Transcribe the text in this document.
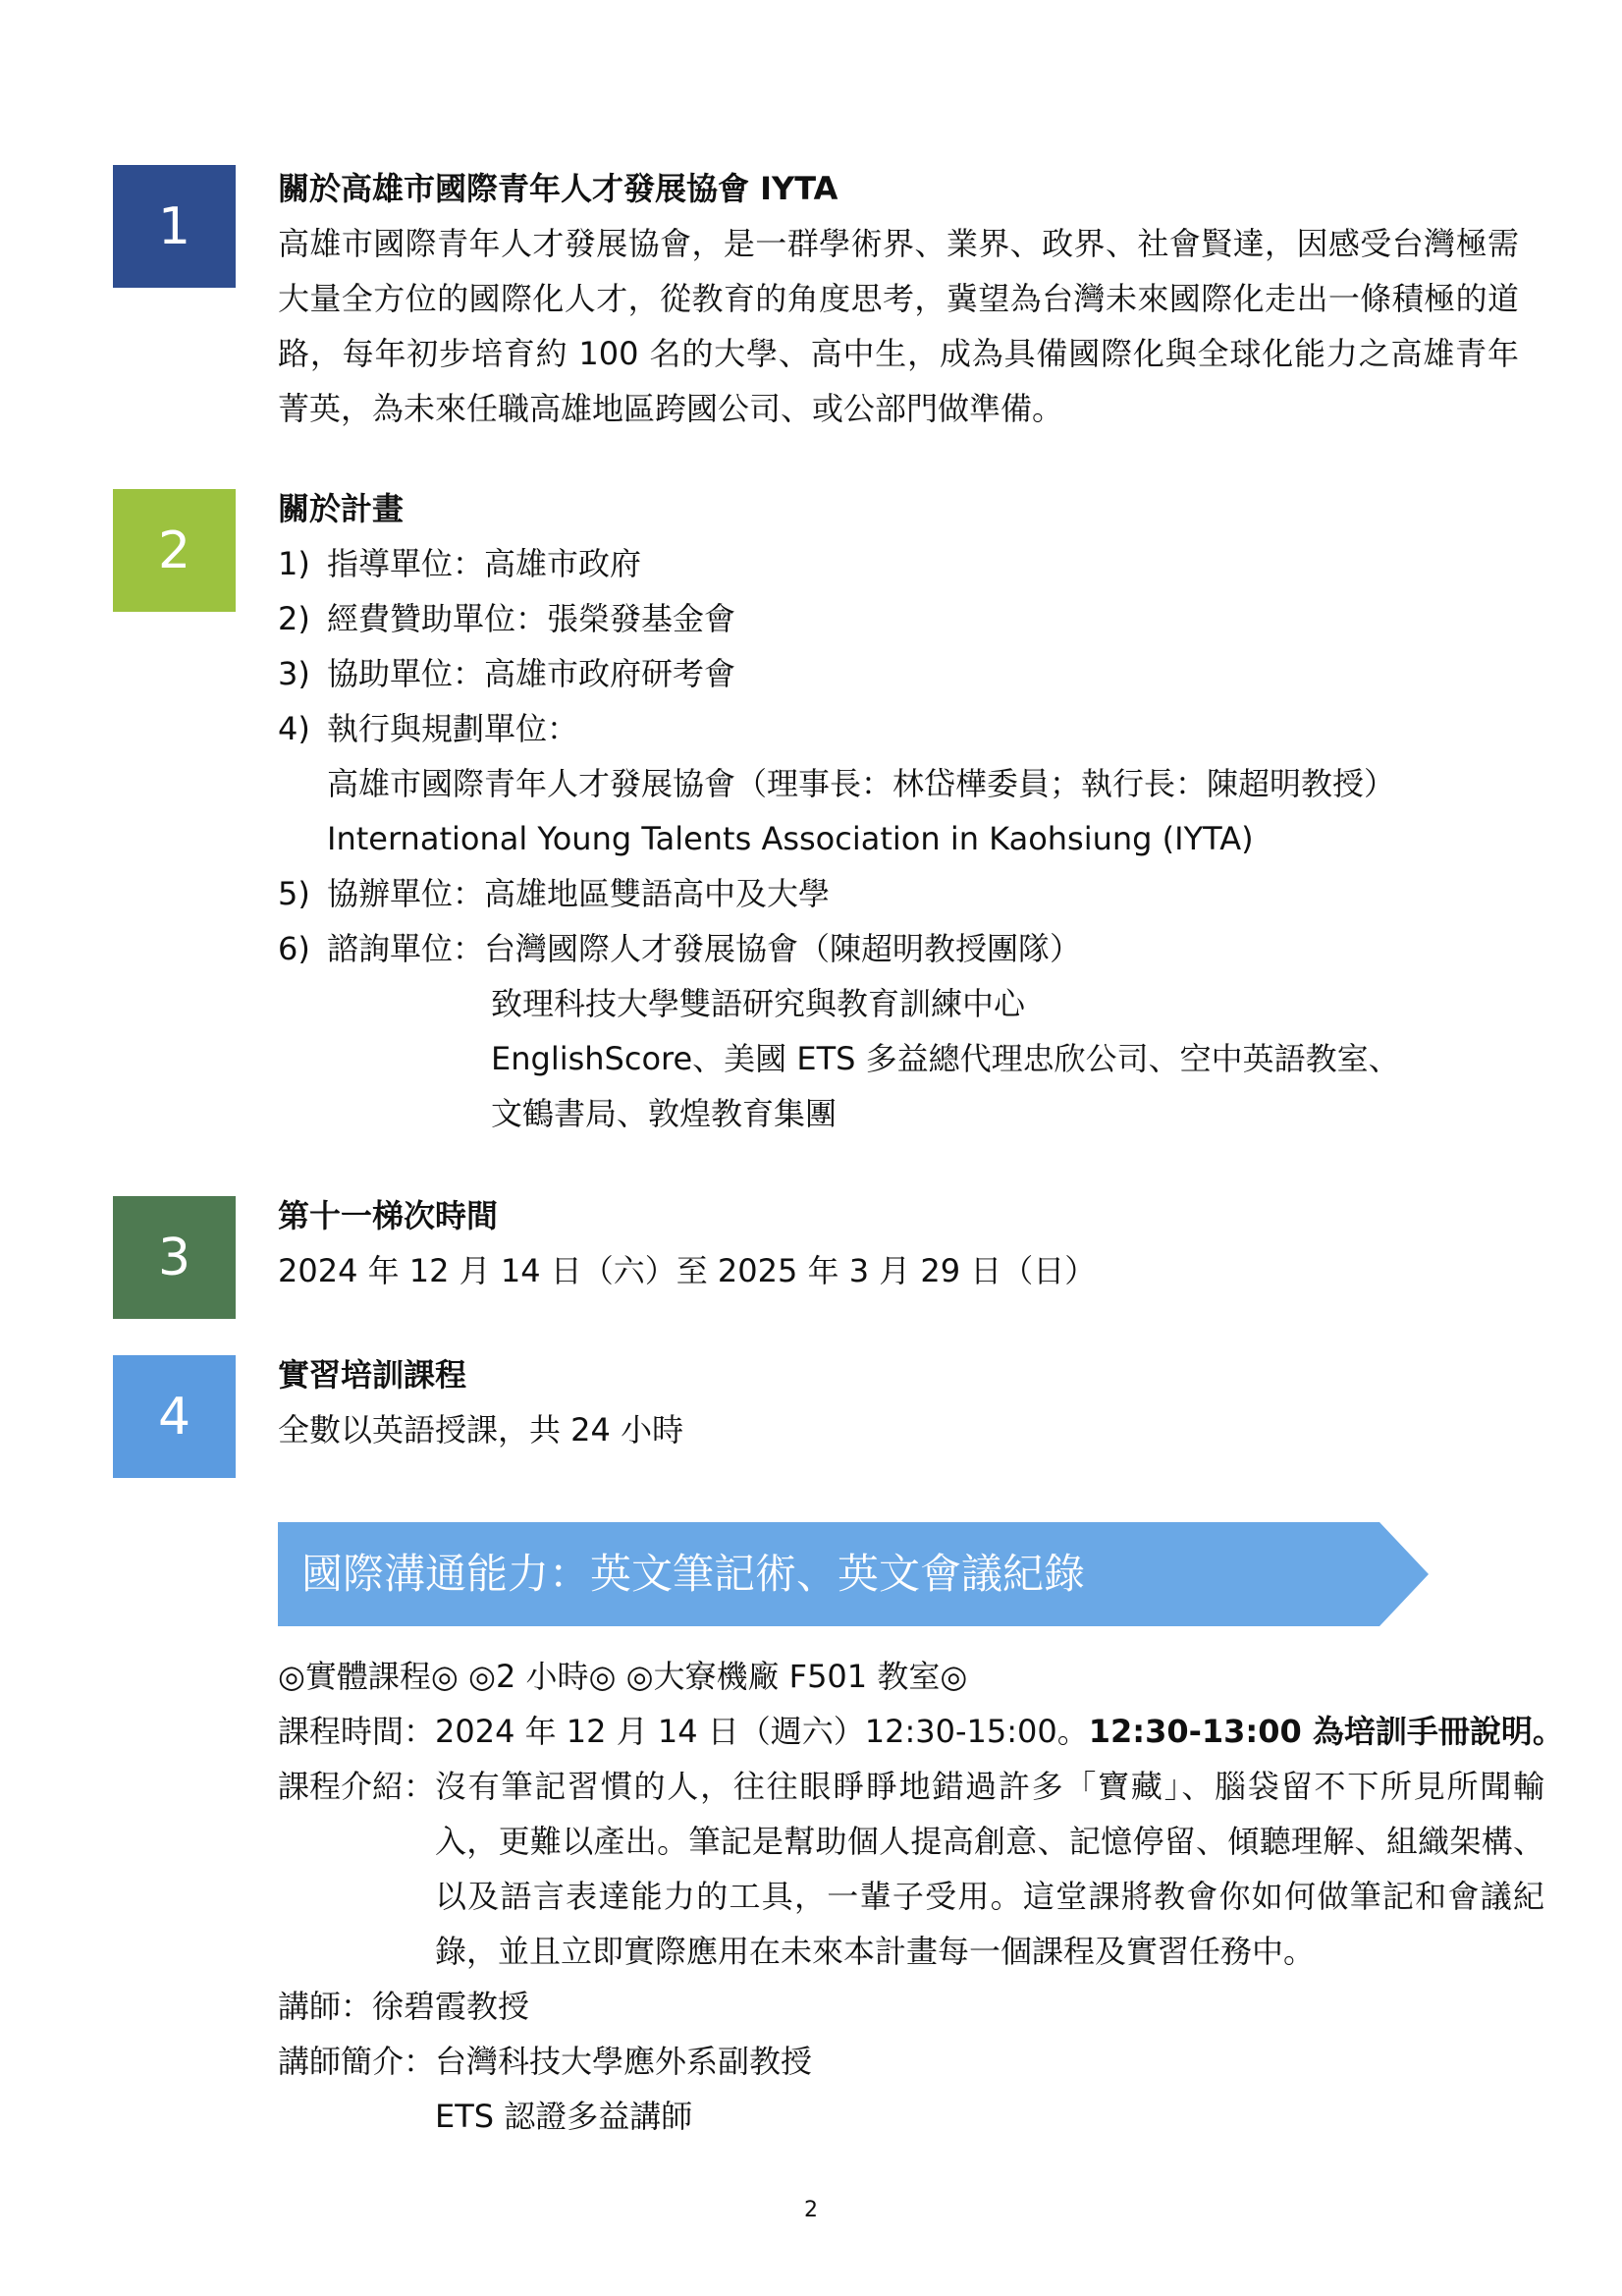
1
關於高雄市國際青年人才發展協會 IYTA
高雄市國際青年人才發展協會，是一群學術界、業界、政界、社會賢達，因感受台灣極需大量全方位的國際化人才，從教育的角度思考，冀望為台灣未來國際化走出一條積極的道路，每年初步培育約 100 名的大學、高中生，成為具備國際化與全球化能力之高雄青年菁英，為未來任職高雄地區跨國公司、或公部門做準備。
2
關於計畫
1) 指導單位：高雄市政府
2) 經費贊助單位：張榮發基金會
3) 協助單位：高雄市政府研考會
4) 執行與規劃單位：
高雄市國際青年人才發展協會（理事長：林岱樺委員；執行長：陳超明教授）
International Young Talents Association in Kaohsiung (IYTA)
5) 協辦單位：高雄地區雙語高中及大學
6) 諮詢單位：台灣國際人才發展協會（陳超明教授團隊）
致理科技大學雙語研究與教育訓練中心
EnglishScore、美國 ETS 多益總代理忠欣公司、空中英語教室、
文鶴書局、敦煌教育集團
3
第十一梯次時間
2024 年 12 月 14 日（六）至 2025 年 3 月 29 日（日）
4
實習培訓課程
全數以英語授課，共 24 小時
國際溝通能力：英文筆記術、英文會議紀錄
◎實體課程◎ ◎2 小時◎ ◎大寮機廠 F501 教室◎
課程時間： 2024 年 12 月 14 日（週六）12:30-15:00。12:30-13:00 為培訓手冊說明。
課程介紹： 沒有筆記習慣的人，往往眼睜睜地錯過許多「寶藏」、腦袋留不下所見所聞輸入，更難以產出。筆記是幫助個人提高創意、記憶停留、傾聽理解、組織架構、以及語言表達能力的工具，一輩子受用。這堂課將教會你如何做筆記和會議紀錄，並且立即實際應用在未來本計畫每一個課程及實習任務中。
講師： 徐碧霞教授
講師簡介： 台灣科技大學應外系副教授
ETS 認證多益講師
2
